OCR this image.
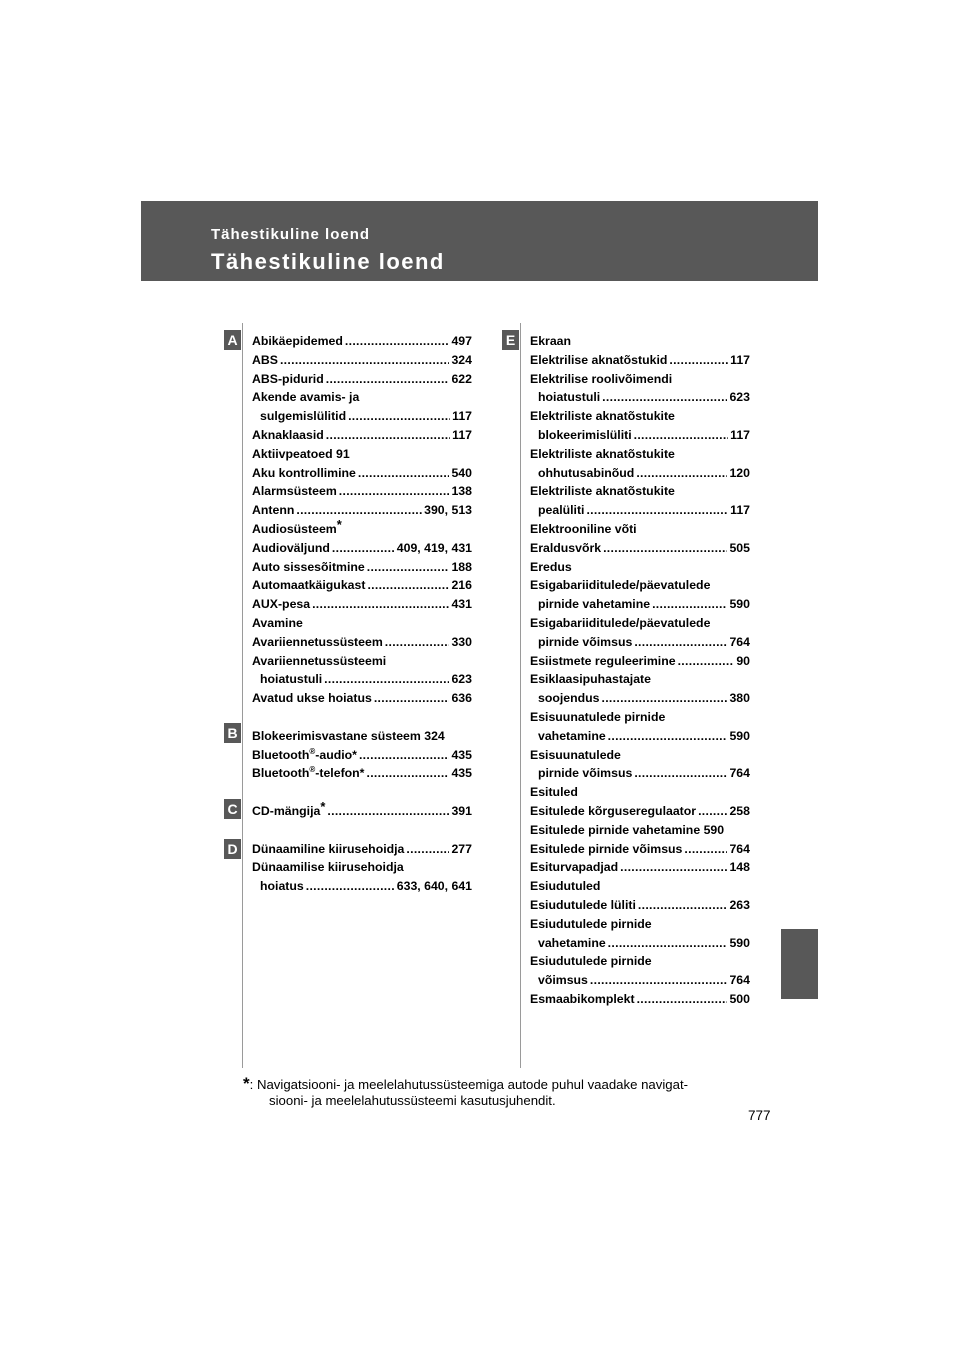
Tähestikuline loend
Tähestikuline loend
A
B
C
D
E
Abikäepidemed .....	497
ABS .....	324
ABS-pidurid .....	622
Akende avamis- ja
sulgemislülitid .....	117
Aknaklaasid .....	117
Aktiivpeatoed 91
Aku kontrollimine .....	540
Alarmsüsteem .....	138
Antenn .....	390, 513
Audiosüsteem*
Audioväljund .....	409, 419, 431
Auto sissesõitmine .....	188
Automaatkäigukast .....	216
AUX-pesa .....	431
Avamine
Avariiennetussüsteem .....	330
Avariiennetussüsteemi
hoiatustuli .....	623
Avatud ukse hoiatus .....	636
Blokeerimisvastane süsteem 324
Bluetooth®-audio* .....	435
Bluetooth®-telefon* .....	435
CD-mängija* .....	391
Dünaamiline kiirusehoidja .....	277
Dünaamilise kiirusehoidja
hoiatus .....	633, 640, 641
Ekraan
Elektrilise aknatõstukid .....	117
Elektrilise roolivõimendi
hoiatustuli .....	623
Elektriliste aknatõstukite
blokeerimislüliti .....	117
Elektriliste aknatõstukite
ohhutusabinõud .....	120
Elektriliste aknatõstukite
pealüliti .....	117
Elektrooniline võti
Eraldusvõrk .....	505
Eredus
Esigabariiditulede/päevatulede
pirnide vahetamine .....	590
Esigabariiditulede/päevatulede
pirnide võimsus .....	764
Esiistmete reguleerimine .....	90
Esiklaasipuhastajate
soojendus .....	380
Esisuunatulede pirnide
vahetamine .....	590
Esisuunatulede
pirnide võimsus .....	764
Esituled
Esitulede kõrguseregulaator .....	258
Esitulede pirnide vahetamine 590
Esitulede pirnide võimsus .....	764
Esiturvapadjad .....	148
Esiudutuled
Esiudutulede lüliti .....	263
Esiudutulede pirnide
vahetamine .....	590
Esiudutulede pirnide
võimsus .....	764
Esmaabikomplekt .....	500
*: Navigatsiooni- ja meelelahutussüsteemiga autode puhul vaadake navigat-
siooni- ja meelelahutussüsteemi kasutusjuhendit.
777
